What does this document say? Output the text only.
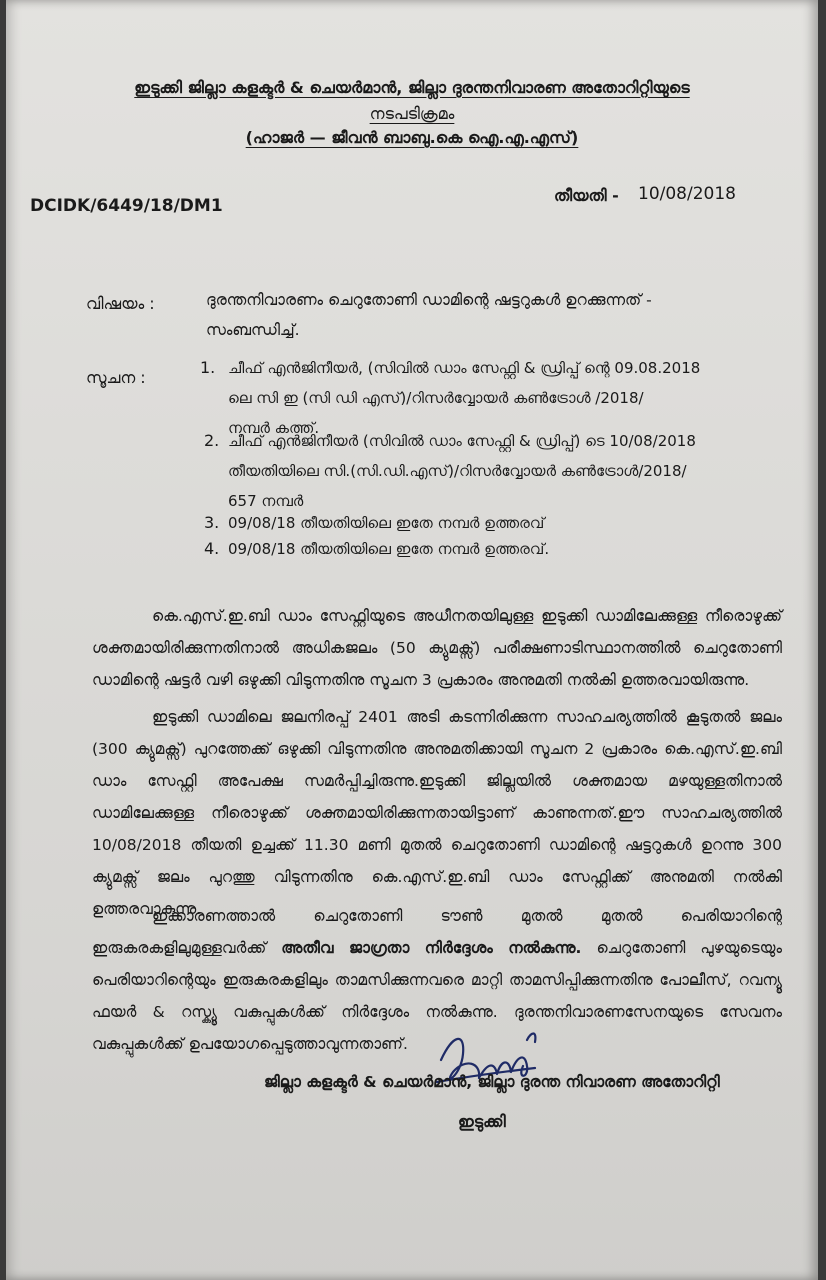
ഇടുക്കി ജില്ലാ കളക്ടർ & ചെയർമാൻ, ജില്ലാ ദുരന്തനിവാരണ അതോറിറ്റിയുടെ
നടപടിക്രമം
(ഹാജർ — ജീവൻ ബാബു.കെ ഐ.എ.എസ്)
DCIDK/6449/18/DM1
തീയതി - 10/08/2018
വിഷയം :	ദുരന്തനിവാരണം ചെറുതോണി ഡാമിന്റെ ഷട്ടറുകൾ ഉറക്കുന്നത് -
സംബന്ധിച്ച്.
സൂചന :
1. ചീഫ് എൻജിനീയർ, (സിവിൽ ഡാം സേഫ്റ്റി & ഡ്രിപ്പ് ന്റെ 09.08.2018
ലെ സി ഇ (സി ഡി എസ്)/റിസർവ്വോയർ കൺട്രോൾ /2018/
നമ്പർ കത്ത്.
2. ചീഫ് എൻജിനീയർ (സിവിൽ ഡാം സേഫ്റ്റി & ഡ്രിപ്പ്) ടെ 10/08/2018
തീയതിയിലെ സി.(സി.ഡി.എസ്)/റിസർവ്വോയർ കൺട്രോൾ/2018/
657 നമ്പർ
3. 09/08/18 തീയതിയിലെ ഇതേ നമ്പർ ഉത്തരവ്
4. 09/08/18 തീയതിയിലെ ഇതേ നമ്പർ ഉത്തരവ്.
കെ.എസ്.ഇ.ബി ഡാം സേഫ്റ്റിയുടെ അധീനതയിലുള്ള ഇടുക്കി ഡാമിലേക്കുള്ള നീരൊഴുക്ക് ശക്തമായിരിക്കുന്നതിനാൽ അധികജലം (50 ക്യുമക്സ്) പരീക്ഷണാടിസ്ഥാനത്തിൽ ചെറുതോണി ഡാമിന്റെ ഷട്ടർ വഴി ഒഴുക്കി വിടുന്നതിനു സൂചന 3 പ്രകാരം അനുമതി നൽകി ഉത്തരവായിരുന്നു.
ഇടുക്കി ഡാമിലെ ജലനിരപ്പ് 2401 അടി കടന്നിരിക്കുന്ന സാഹചര്യത്തിൽ കൂടുതൽ ജലം (300 ക്യുമക്സ്) പുറത്തേക്ക് ഒഴുക്കി വിടുന്നതിനു അനുമതിക്കായി സൂചന 2 പ്രകാരം കെ.എസ്.ഇ.ബി ഡാം സേഫ്റ്റി അപേക്ഷ സമർപ്പിച്ചിരുന്നു.ഇടുക്കി ജില്ലയിൽ ശക്തമായ മഴയുള്ളതിനാൽ ഡാമിലേക്കുള്ള നീരൊഴുക്ക് ശക്തമായിരിക്കുന്നതായിട്ടാണ് കാണുന്നത്.ഈ സാഹചര്യത്തിൽ 10/08/2018 തീയതി ഉച്ചക്ക് 11.30 മണി മുതൽ ചെറുതോണി ഡാമിന്റെ ഷട്ടറുകൾ ഉറന്നു 300 ക്യുമക്സ് ജലം പുറത്തു വിടുന്നതിനു കെ.എസ്.ഇ.ബി ഡാം സേഫ്റ്റിക്ക് അനുമതി നൽകി ഉത്തരവാകുന്നു.
ഇക്കാരണത്താൽ ചെറുതോണി ടൗൺ മുതൽ മുതൽ പെരിയാറിന്റെ ഇരുകരകളിലുമുള്ളവർക്ക് അതീവ ജാഗ്രതാ നിർദ്ദേശം നൽകുന്നു. ചെറുതോണി പുഴയുടെയും പെരിയാറിന്റെയും ഇരുകരകളിലും താമസിക്കുന്നവരെ മാറ്റി താമസിപ്പിക്കുന്നതിനു പോലീസ്, റവന്യൂ ഫയർ & റസ്ക്യൂ വകുപ്പുകൾക്ക് നിർദ്ദേശം നൽകുന്നു. ദുരന്തനിവാരണസേനയുടെ സേവനം വകുപ്പുകൾക്ക് ഉപയോഗപ്പെടുത്താവുന്നതാണ്.
ജില്ലാ കളക്ടർ & ചെയർമാൻ, ജില്ലാ ദുരന്ത നിവാരണ അതോറിറ്റി
ഇടുക്കി
